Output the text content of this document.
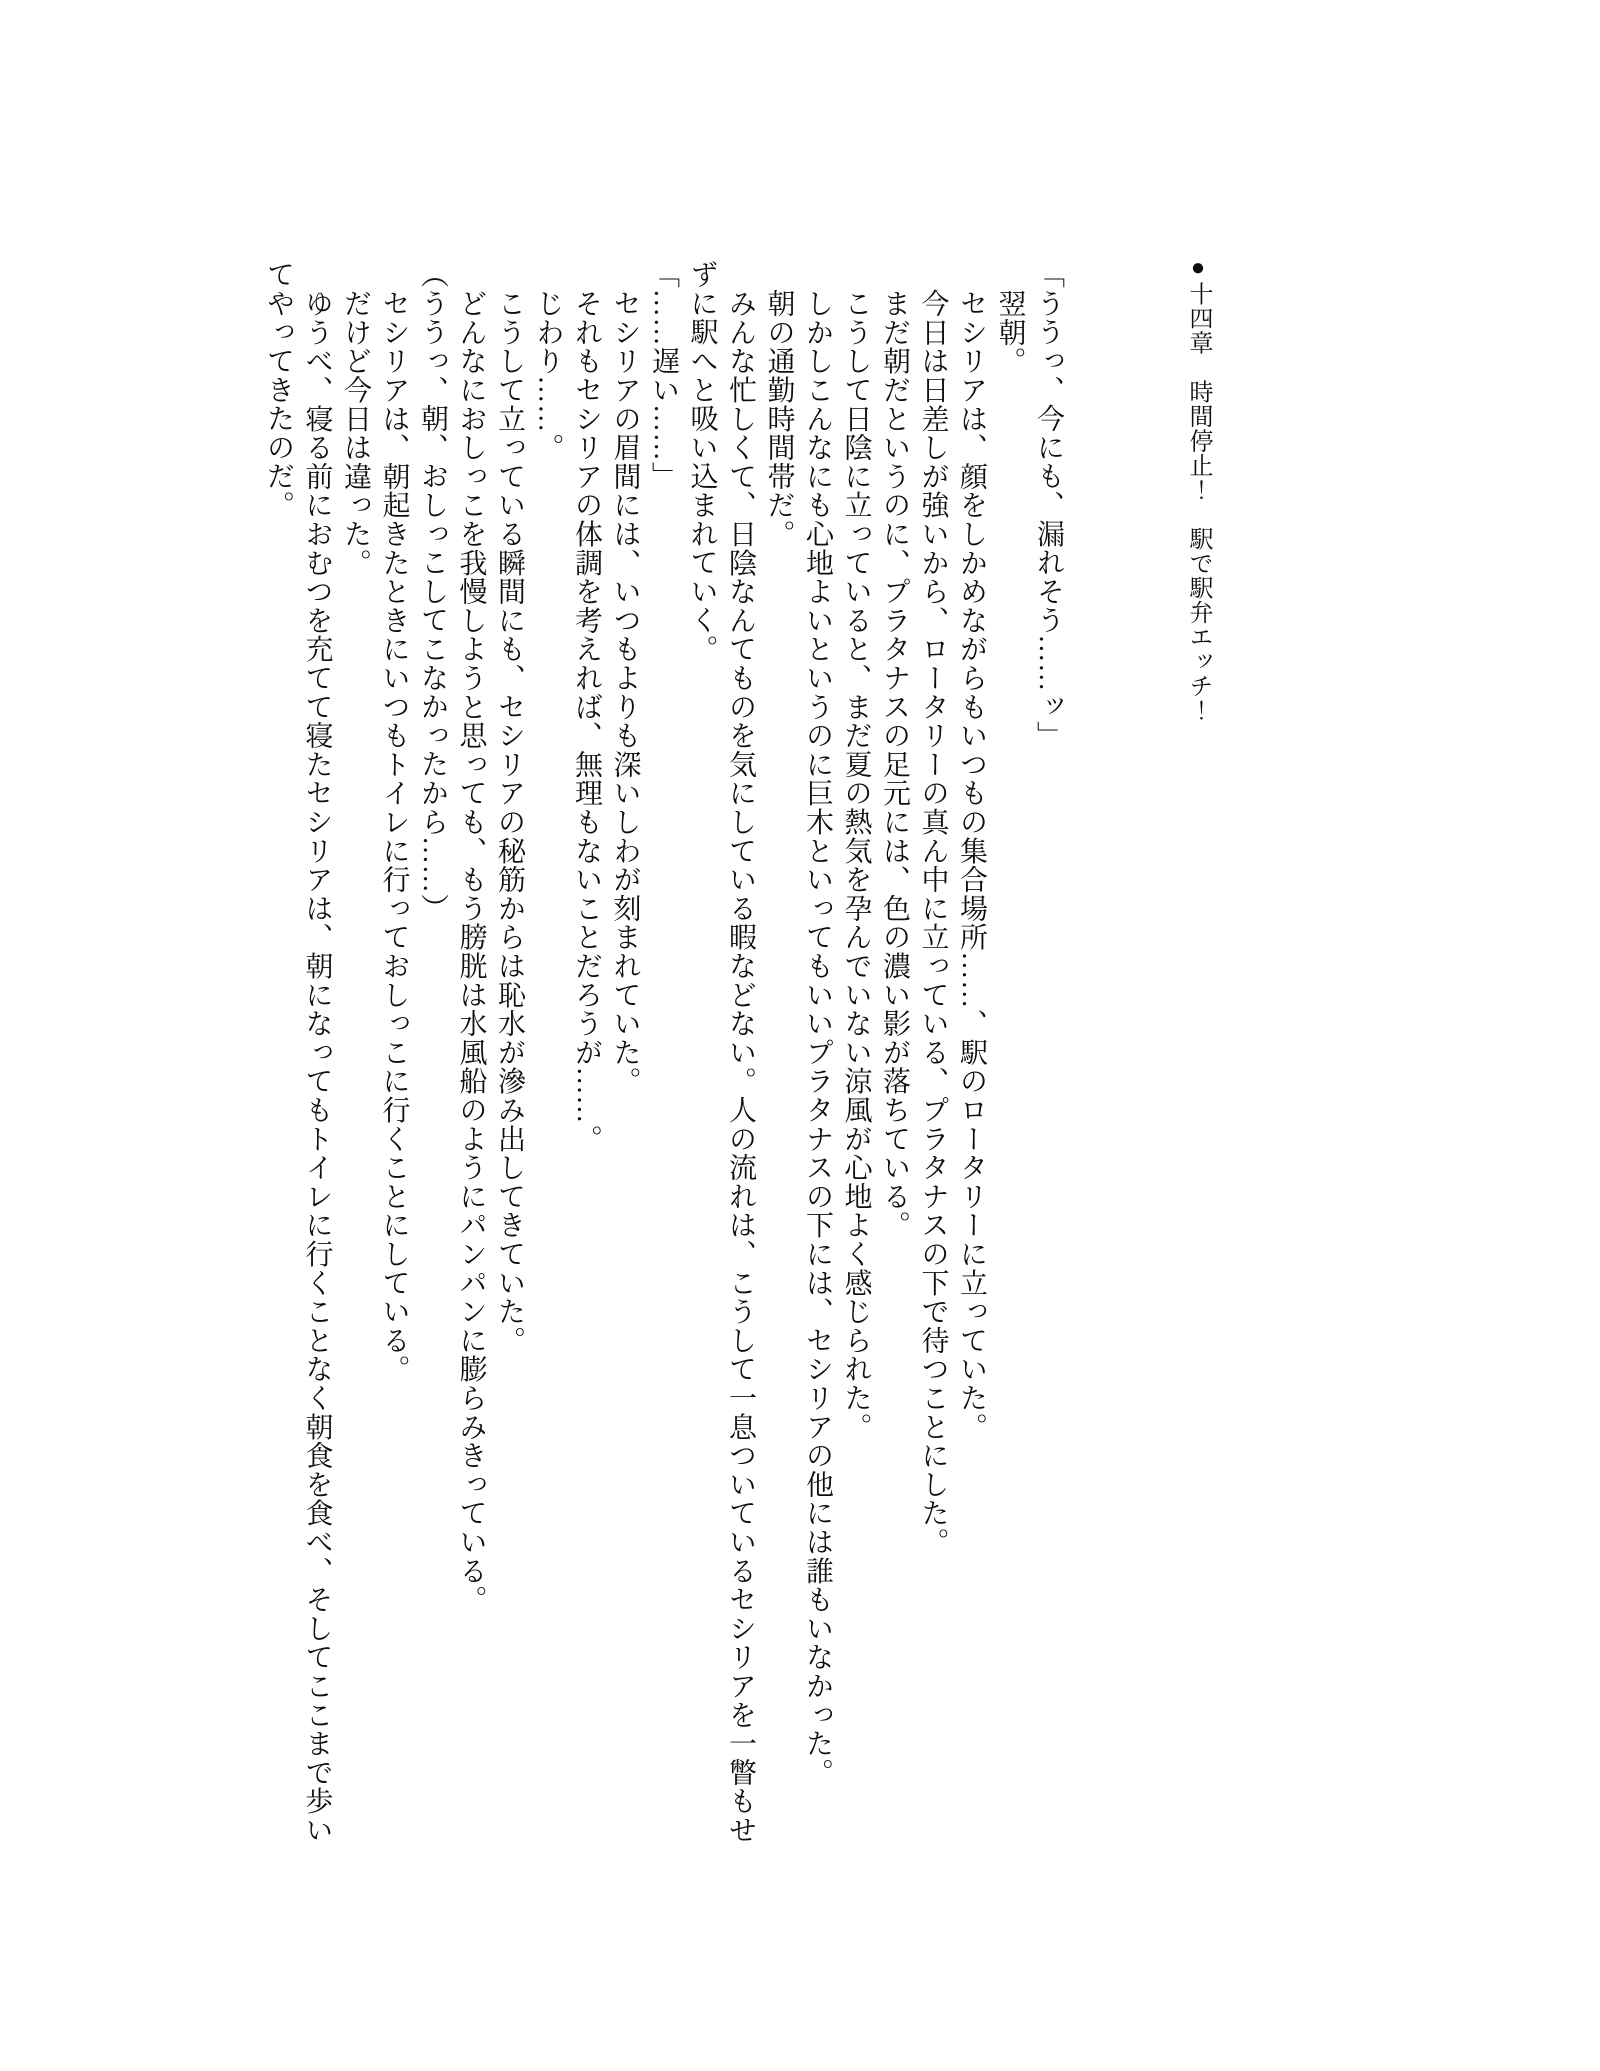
●十四章　時間停止！　駅で駅弁エッチ！

「ううっ、今にも、漏れそう……ッ」

翌朝。

セシリアは、顔をしかめながらもいつもの集合場所……、駅のロータリーに立っていた。

今日は日差しが強いから、ロータリーの真ん中に立っている、プラタナスの下で待つことにした。

まだ朝だというのに、プラタナスの足元には、色の濃い影が落ちている。

こうして日陰に立っていると、まだ夏の熱気を孕んでいない涼風が心地よく感じられた。

しかしこんなにも心地よいというのに巨木といってもいいプラタナスの下には、セシリアの他には誰もいなかった。

朝の通勤時間帯だ。

みんな忙しくて、日陰なんてものを気にしている暇などない。人の流れは、こうして一息ついているセシリアを一瞥もせ

ずに駅へと吸い込まれていく。

「……遅い……」

セシリアの眉間には、いつもよりも深いしわが刻まれていた。

それもセシリアの体調を考えれば、無理もないことだろうが……。

じわり……。

こうして立っている瞬間にも、セシリアの秘筋からは恥水が滲み出してきていた。

どんなにおしっこを我慢しようと思っても、もう膀胱は水風船のようにパンパンに膨らみきっている。

（ううっ、朝、おしっこしてこなかったから……）

セシリアは、朝起きたときにいつもトイレに行っておしっこに行くことにしている。

だけど今日は違った。

ゆうべ、寝る前におむつを充てて寝たセシリアは、朝になってもトイレに行くことなく朝食を食べ、そしてここまで歩い

てやってきたのだ。
